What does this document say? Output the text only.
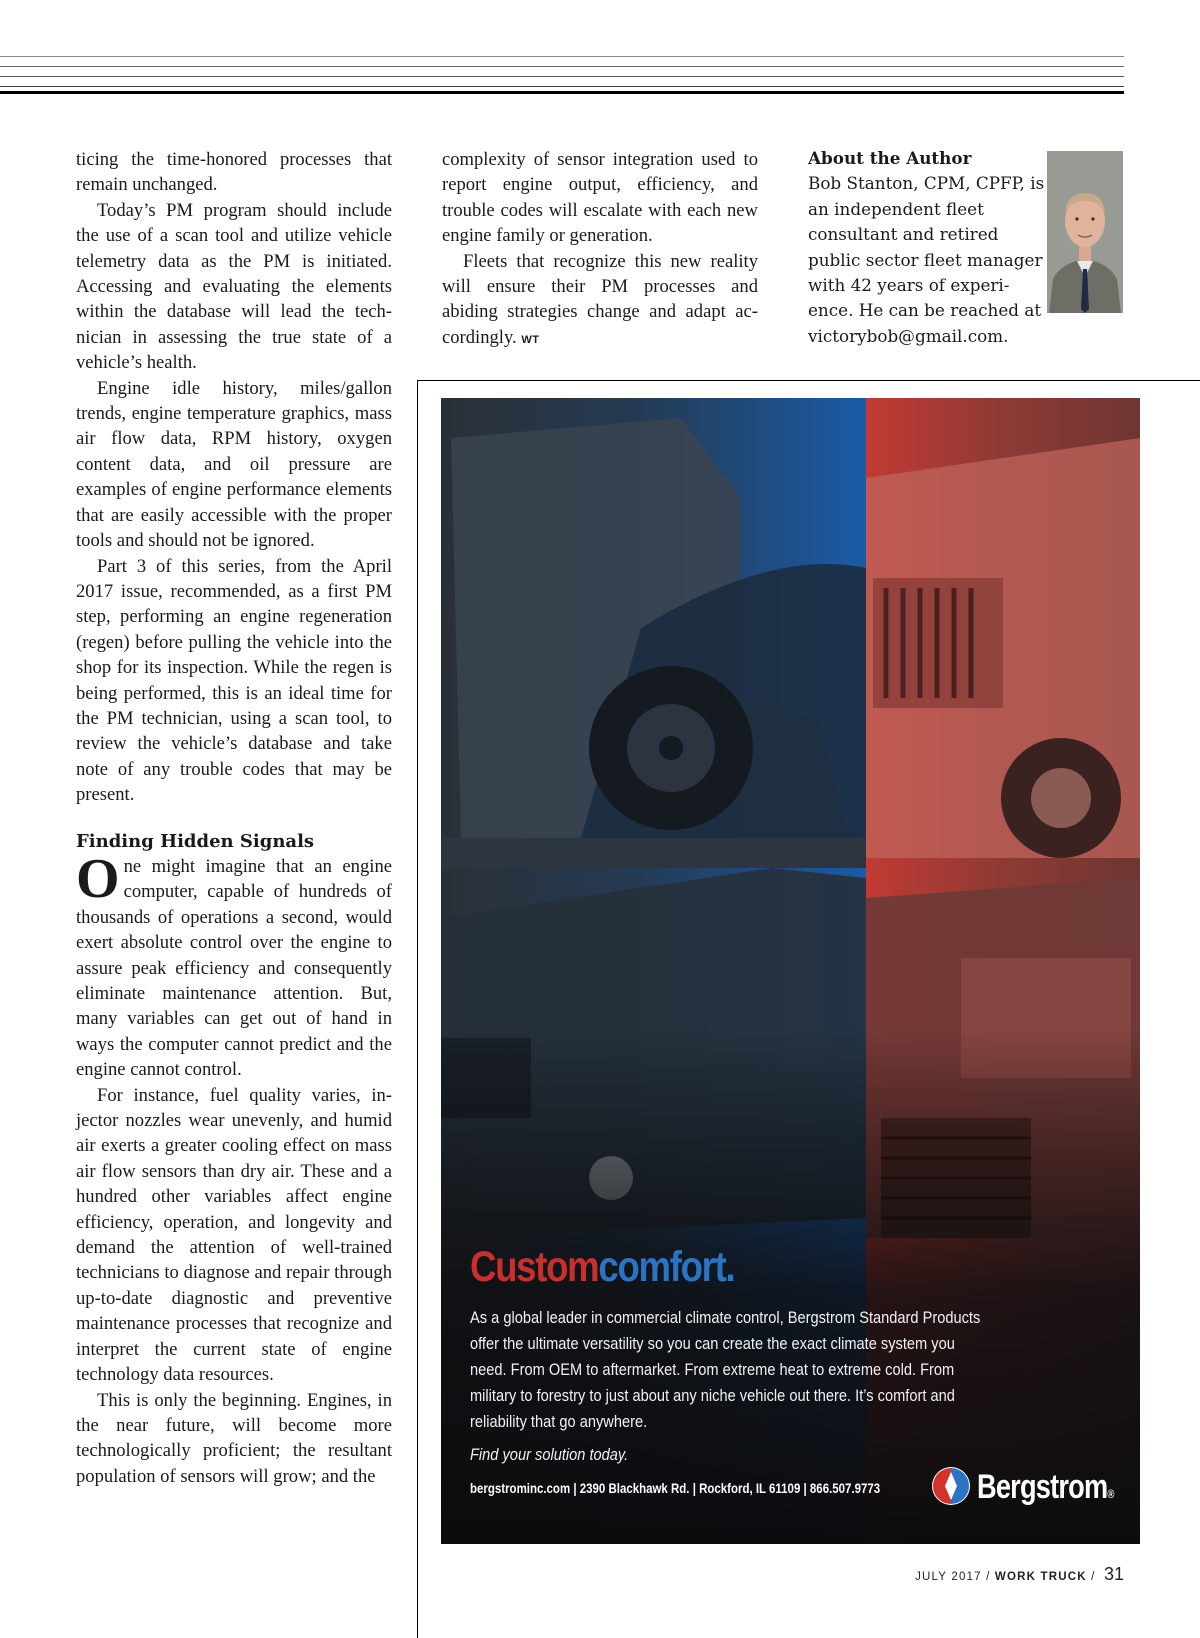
ticing the time-honored processes that remain unchanged.

Today’s PM program should include the use of a scan tool and utilize vehicle telemetry data as the PM is initiated. Accessing and evaluating the elements within the database will lead the technician in assessing the true state of a vehicle’s health.

Engine idle history, miles/gallon trends, engine temperature graphics, mass air flow data, RPM history, oxygen content data, and oil pressure are examples of engine performance elements that are easily accessible with the proper tools and should not be ignored.

Part 3 of this series, from the April 2017 issue, recommended, as a first PM step, performing an engine regeneration (regen) before pulling the vehicle into the shop for its inspection. While the regen is being performed, this is an ideal time for the PM technician, using a scan tool, to review the vehicle’s database and take note of any trouble codes that may be present.

Finding Hidden Signals

One might imagine that an engine computer, capable of hundreds of thousands of operations a second, would exert absolute control over the engine to assure peak efficiency and consequently eliminate maintenance attention. But, many variables can get out of hand in ways the computer cannot predict and the engine cannot control.

For instance, fuel quality varies, injector nozzles wear unevenly, and humid air exerts a greater cooling effect on mass air flow sensors than dry air. These and a hundred other variables affect engine efficiency, operation, and longevity and demand the attention of well-trained technicians to diagnose and repair through up-to-date diagnostic and preventive maintenance processes that recognize and interpret the current state of engine technology data resources.

This is only the beginning. Engines, in the near future, will become more technologically proficient; the resultant population of sensors will grow; and the

complexity of sensor integration used to report engine output, efficiency, and trouble codes will escalate with each new engine family or generation.

Fleets that recognize this new reality will ensure their PM processes and abiding strategies change and adapt accordingly. WT

About the Author
Bob Stanton, CPM, CPFP, is an independent fleet consultant and retired public sector fleet manager with 42 years of experience. He can be reached at victorybob@gmail.com.
Customcomfort.
As a global leader in commercial climate control, Bergstrom Standard Products offer the ultimate versatility so you can create the exact climate system you need. From OEM to aftermarket. From extreme heat to extreme cold. From military to forestry to just about any niche vehicle out there. It’s comfort and reliability that go anywhere.
Find your solution today.
bergstrominc.com | 2390 Blackhawk Rd. | Rockford, IL 61109 | 866.507.9773	Bergstrom®
JULY 2017 / WORK TRUCK / 31
